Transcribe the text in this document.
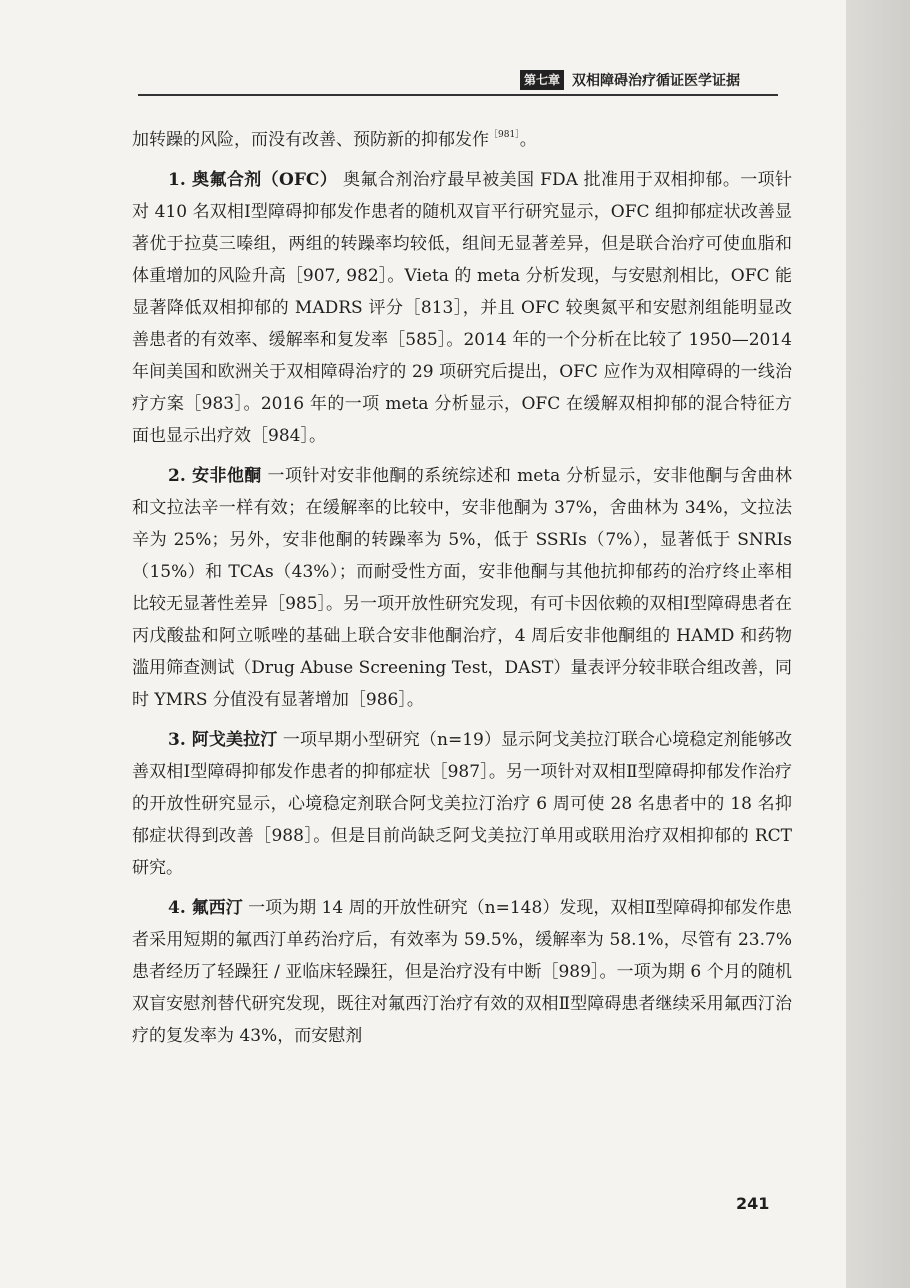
第七章 双相障碍治疗循证医学证据

加转躁的风险，而没有改善、预防新的抑郁发作$^{[981]}$。

1. 奥氟合剂（OFC） 奥氟合剂治疗最早被美国 FDA 批准用于双相抑郁。一项针对 410 名双相Ⅰ型障碍抑郁发作患者的随机双盲平行研究显示，OFC 组抑郁症状改善显著优于拉莫三嗪组，两组的转躁率均较低，组间无显著差异，但是联合治疗可使血脂和体重增加的风险升高［907, 982］。Vieta 的 meta 分析发现，与安慰剂相比，OFC 能显著降低双相抑郁的 MADRS 评分［813］，并且 OFC 较奥氮平和安慰剂组能明显改善患者的有效率、缓解率和复发率［585］。2014 年的一个分析在比较了 1950—2014 年间美国和欧洲关于双相障碍治疗的 29 项研究后提出，OFC 应作为双相障碍的一线治疗方案［983］。2016 年的一项 meta 分析显示，OFC 在缓解双相抑郁的混合特征方面也显示出疗效［984］。

2. 安非他酮 一项针对安非他酮的系统综述和 meta 分析显示，安非他酮与舍曲林和文拉法辛一样有效；在缓解率的比较中，安非他酮为 37%，舍曲林为 34%，文拉法辛为 25%；另外，安非他酮的转躁率为 5%，低于 SSRIs（7%），显著低于 SNRIs（15%）和 TCAs（43%）；而耐受性方面，安非他酮与其他抗抑郁药的治疗终止率相比较无显著性差异［985］。另一项开放性研究发现，有可卡因依赖的双相Ⅰ型障碍患者在丙戊酸盐和阿立哌唑的基础上联合安非他酮治疗，4 周后安非他酮组的 HAMD 和药物滥用筛查测试（Drug Abuse Screening Test，DAST）量表评分较非联合组改善，同时 YMRS 分值没有显著增加［986］。

3. 阿戈美拉汀 一项早期小型研究（n=19）显示阿戈美拉汀联合心境稳定剂能够改善双相Ⅰ型障碍抑郁发作患者的抑郁症状［987］。另一项针对双相Ⅱ型障碍抑郁发作治疗的开放性研究显示，心境稳定剂联合阿戈美拉汀治疗 6 周可使 28 名患者中的 18 名抑郁症状得到改善［988］。但是目前尚缺乏阿戈美拉汀单用或联用治疗双相抑郁的 RCT 研究。

4. 氟西汀 一项为期 14 周的开放性研究（n=148）发现，双相Ⅱ型障碍抑郁发作患者采用短期的氟西汀单药治疗后，有效率为 59.5%，缓解率为 58.1%，尽管有 23.7% 患者经历了轻躁狂 / 亚临床轻躁狂，但是治疗没有中断［989］。一项为期 6 个月的随机双盲安慰剂替代研究发现，既往对氟西汀治疗有效的双相Ⅱ型障碍患者继续采用氟西汀治疗的复发率为 43%，而安慰剂

241
